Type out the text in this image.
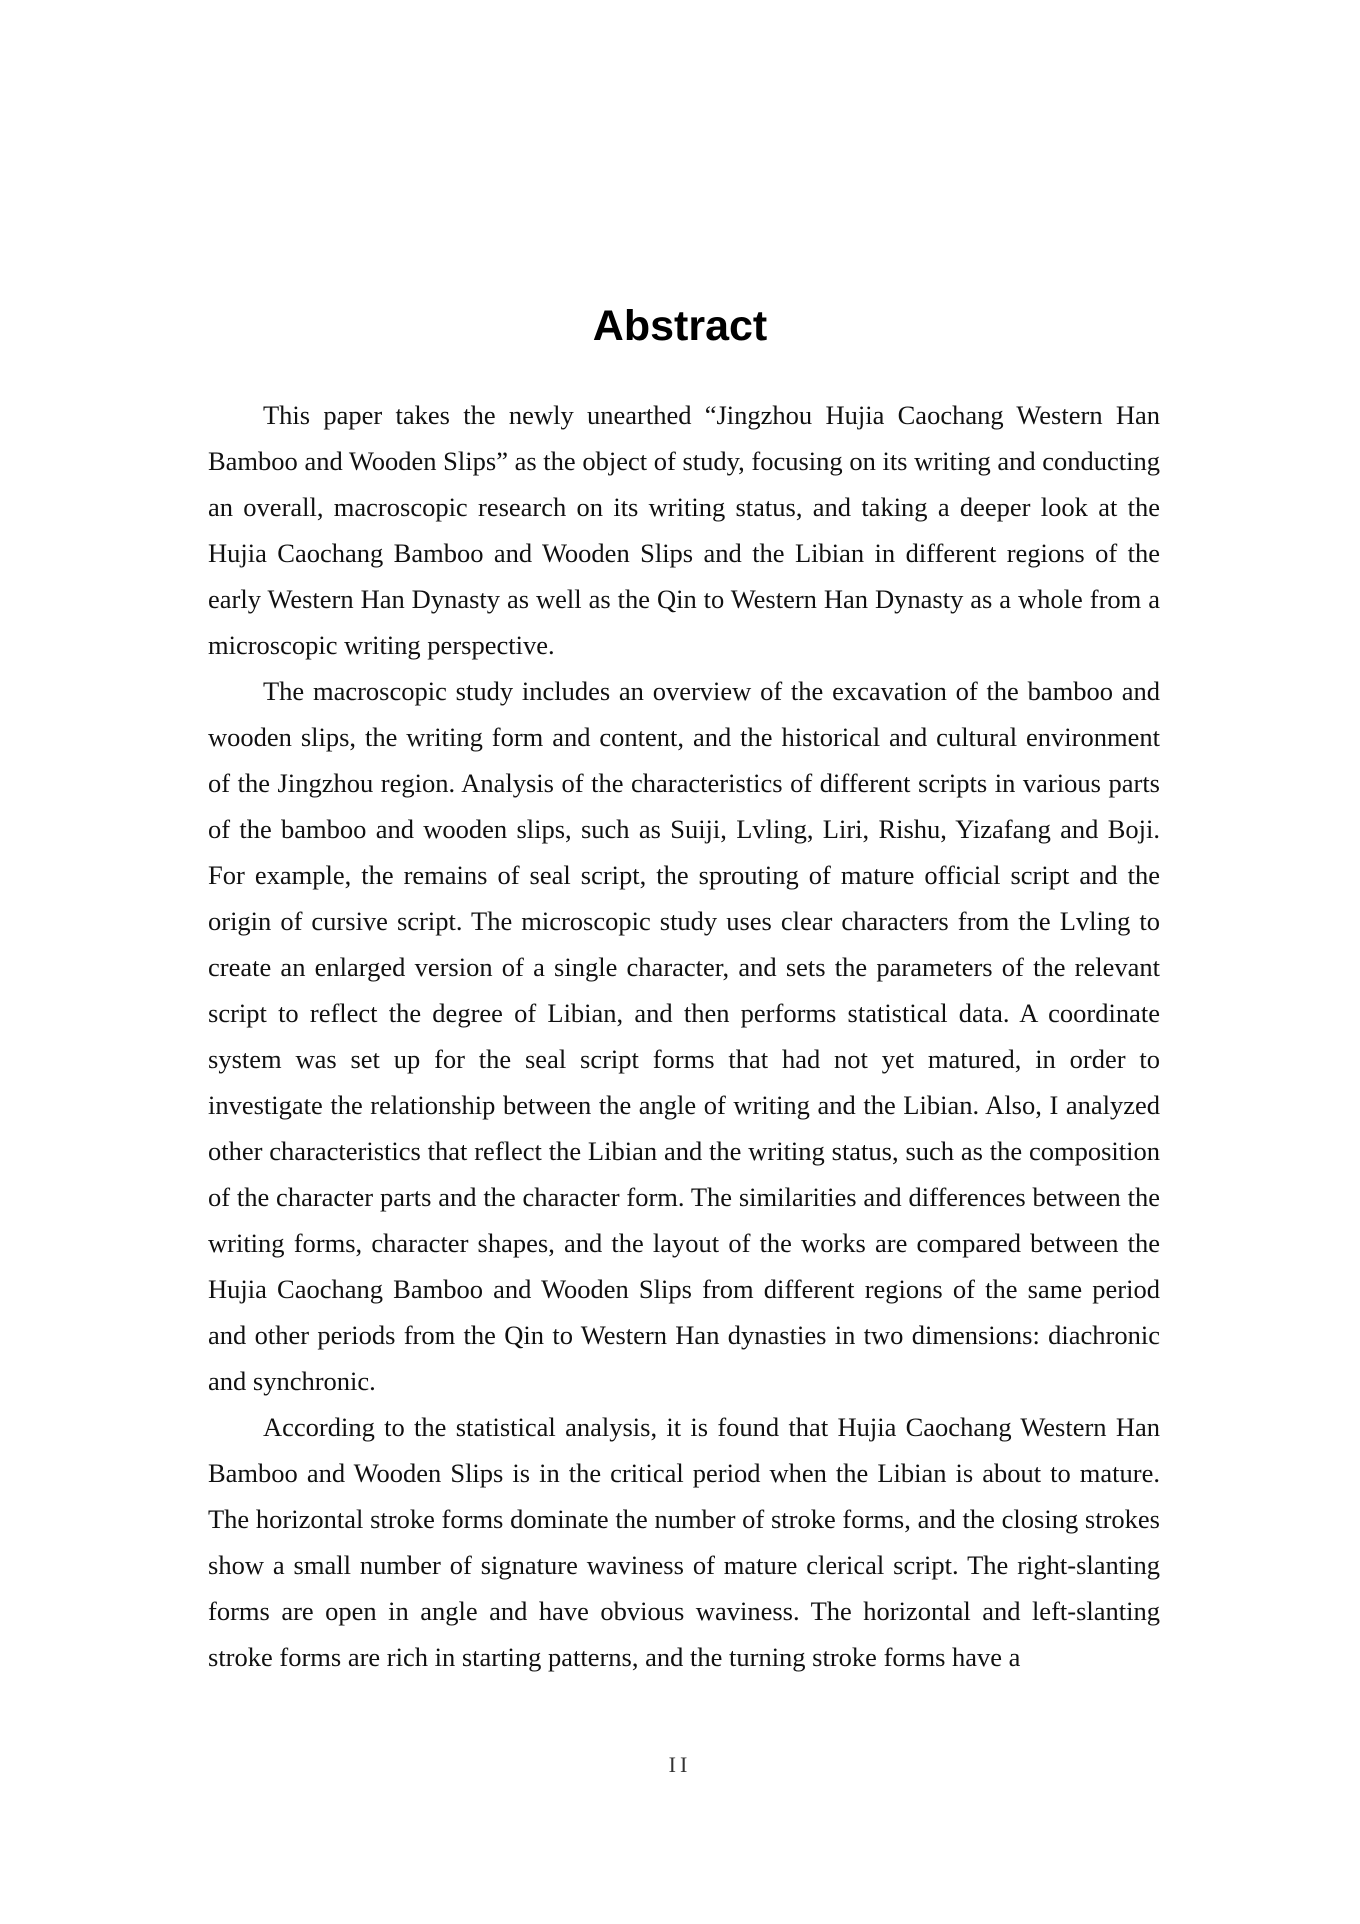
Abstract

This paper takes the newly unearthed “Jingzhou Hujia Caochang Western Han Bamboo and Wooden Slips” as the object of study, focusing on its writing and conducting an overall, macroscopic research on its writing status, and taking a deeper look at the Hujia Caochang Bamboo and Wooden Slips and the Libian in different regions of the early Western Han Dynasty as well as the Qin to Western Han Dynasty as a whole from a microscopic writing perspective.

The macroscopic study includes an overview of the excavation of the bamboo and wooden slips, the writing form and content, and the historical and cultural environment of the Jingzhou region. Analysis of the characteristics of different scripts in various parts of the bamboo and wooden slips, such as Suiji, Lvling, Liri, Rishu, Yizafang and Boji. For example, the remains of seal script, the sprouting of mature official script and the origin of cursive script. The microscopic study uses clear characters from the Lvling to create an enlarged version of a single character, and sets the parameters of the relevant script to reflect the degree of Libian, and then performs statistical data. A coordinate system was set up for the seal script forms that had not yet matured, in order to investigate the relationship between the angle of writing and the Libian. Also, I analyzed other characteristics that reflect the Libian and the writing status, such as the composition of the character parts and the character form. The similarities and differences between the writing forms, character shapes, and the layout of the works are compared between the Hujia Caochang Bamboo and Wooden Slips from different regions of the same period and other periods from the Qin to Western Han dynasties in two dimensions: diachronic and synchronic.

According to the statistical analysis, it is found that Hujia Caochang Western Han Bamboo and Wooden Slips is in the critical period when the Libian is about to mature. The horizontal stroke forms dominate the number of stroke forms, and the closing strokes show a small number of signature waviness of mature clerical script. The right-slanting forms are open in angle and have obvious waviness. The horizontal and left-slanting stroke forms are rich in starting patterns, and the turning stroke forms have a

II
